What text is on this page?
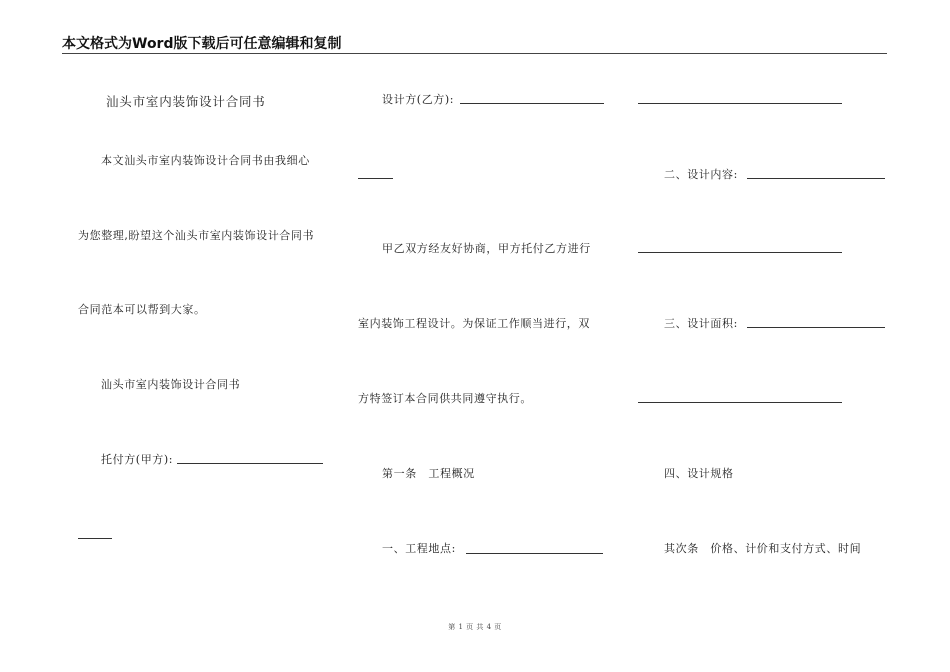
本文格式为Word版下载后可任意编辑和复制
汕头市室内装饰设计合同书
本文汕头市室内装饰设计合同书由我细心
为您整理,盼望这个汕头市室内装饰设计合同书
合同范本可以帮到大家。
汕头市室内装饰设计合同书
托付方(甲方):
设计方(乙方):
甲乙双方经友好协商，甲方托付乙方进行
室内装饰工程设计。为保证工作顺当进行，双
方特签订本合同供共同遵守执行。
第一条　工程概况
一、工程地点:
二、设计内容:
三、设计面积:
四、设计规格
其次条　价格、计价和支付方式、时间
第 1 页 共 4 页
